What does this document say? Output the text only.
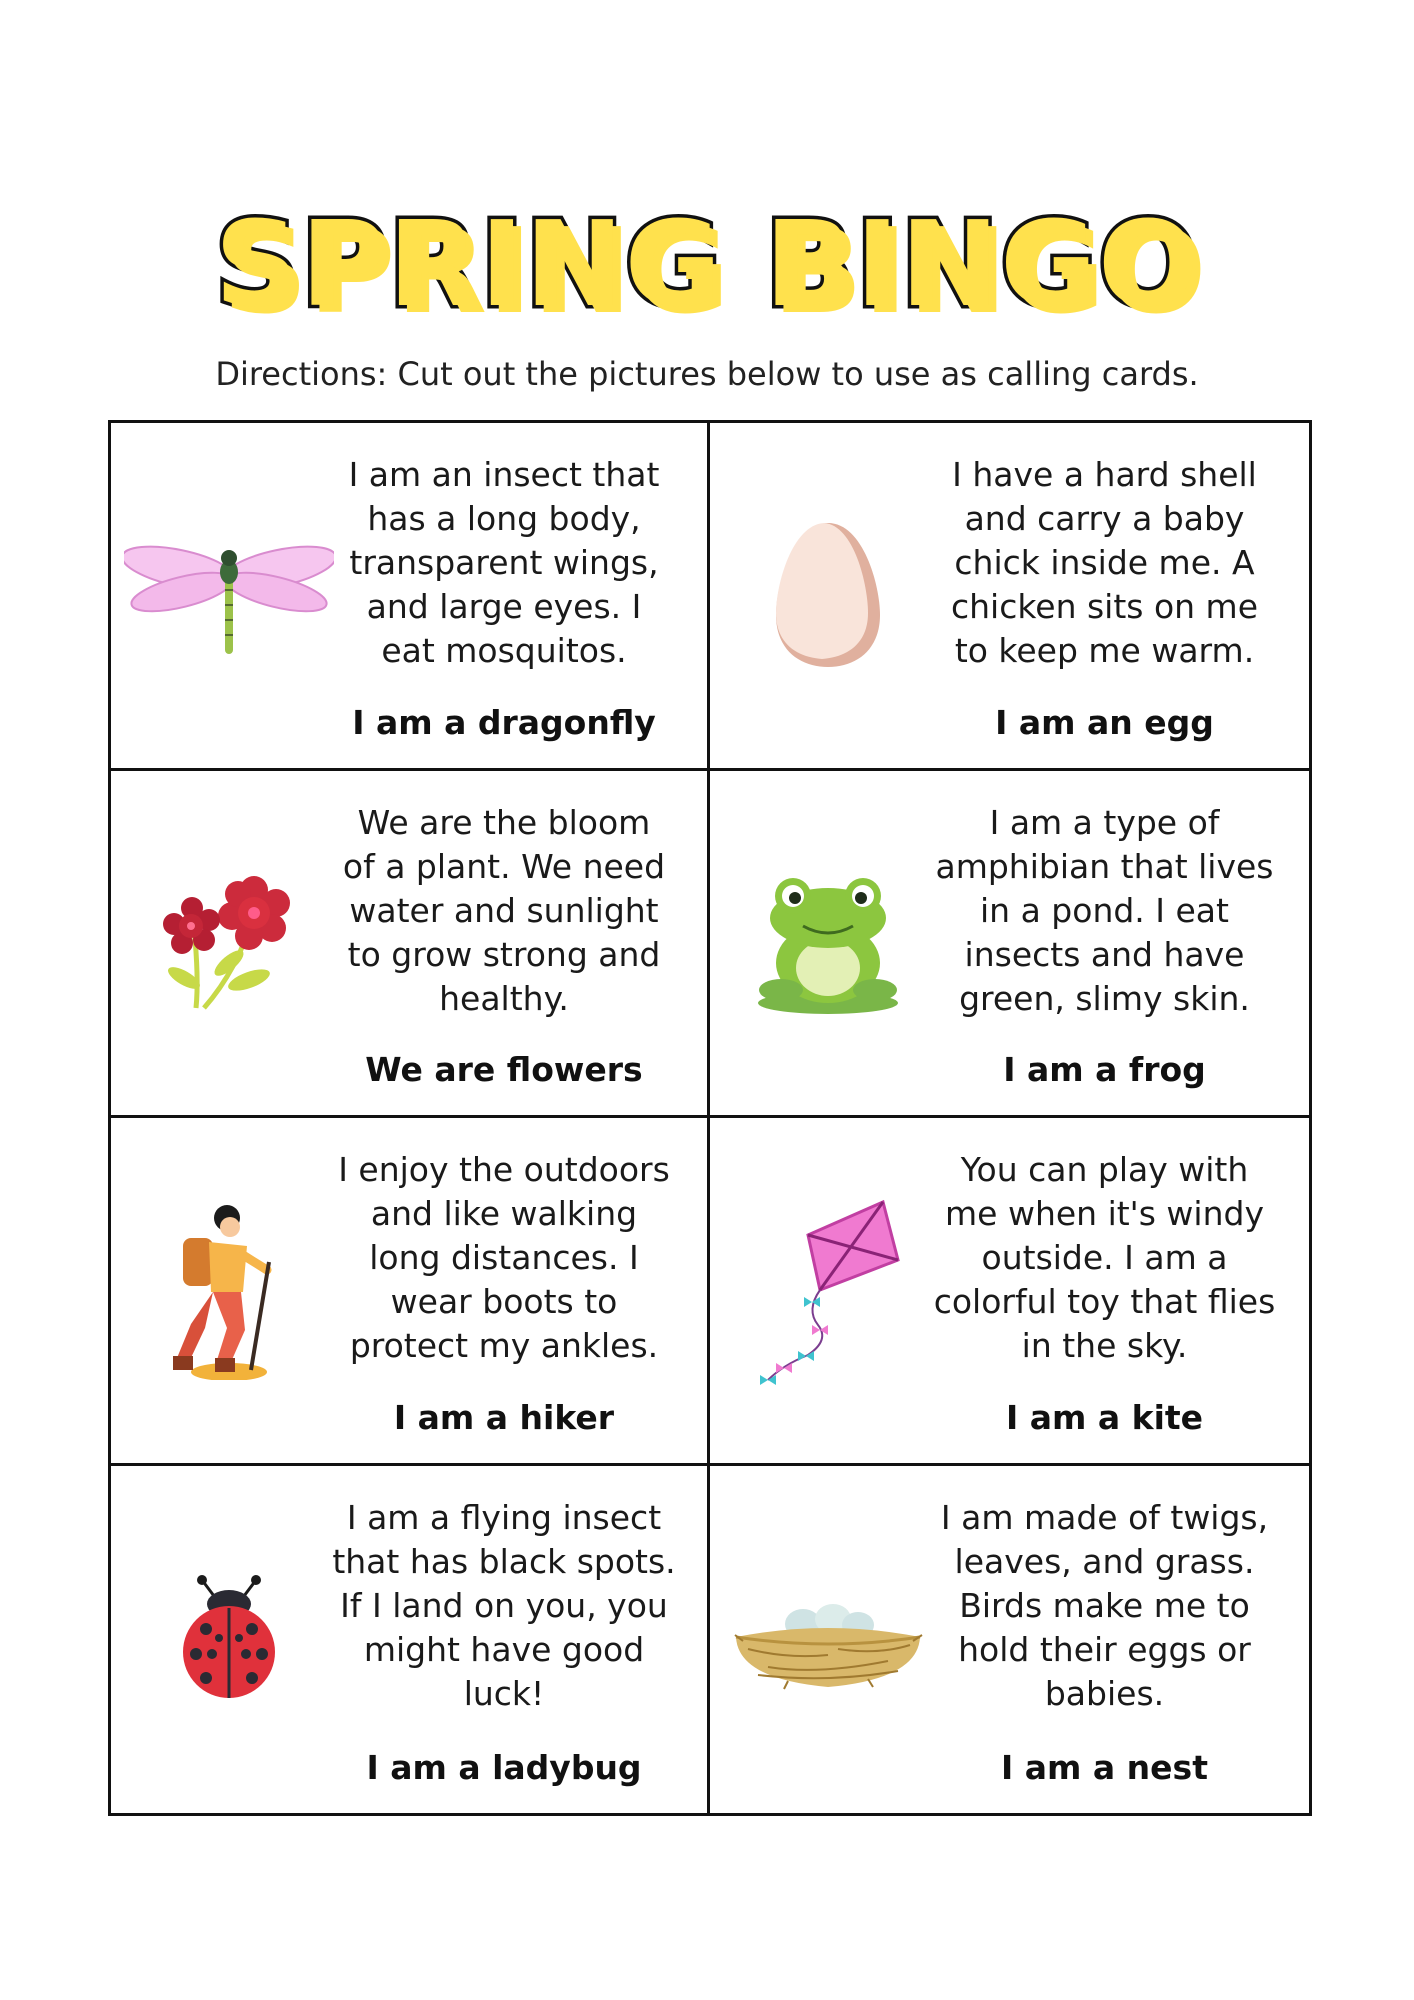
SPRING BINGO
Directions: Cut out the pictures below to use as calling cards.
I am an insect that
has a long body,
transparent wings,
and large eyes. I
eat mosquitos.
I am a dragonfly
I have a hard shell
and carry a baby
chick inside me. A
chicken sits on me
to keep me warm.
I am an egg
We are the bloom
of a plant. We need
water and sunlight
to grow strong and
healthy.
We are flowers
I am a type of
amphibian that lives
in a pond. I eat
insects and have
green, slimy skin.
I am a frog
I enjoy the outdoors
and like walking
long distances. I
wear boots to
protect my ankles.
I am a hiker
You can play with
me when it's windy
outside. I am a
colorful toy that flies
in the sky.
I am a kite
I am a flying insect
that has black spots.
If I land on you, you
might have good
luck!
I am a ladybug
I am made of twigs,
leaves, and grass.
Birds make me to
hold their eggs or
babies.
I am a nest
